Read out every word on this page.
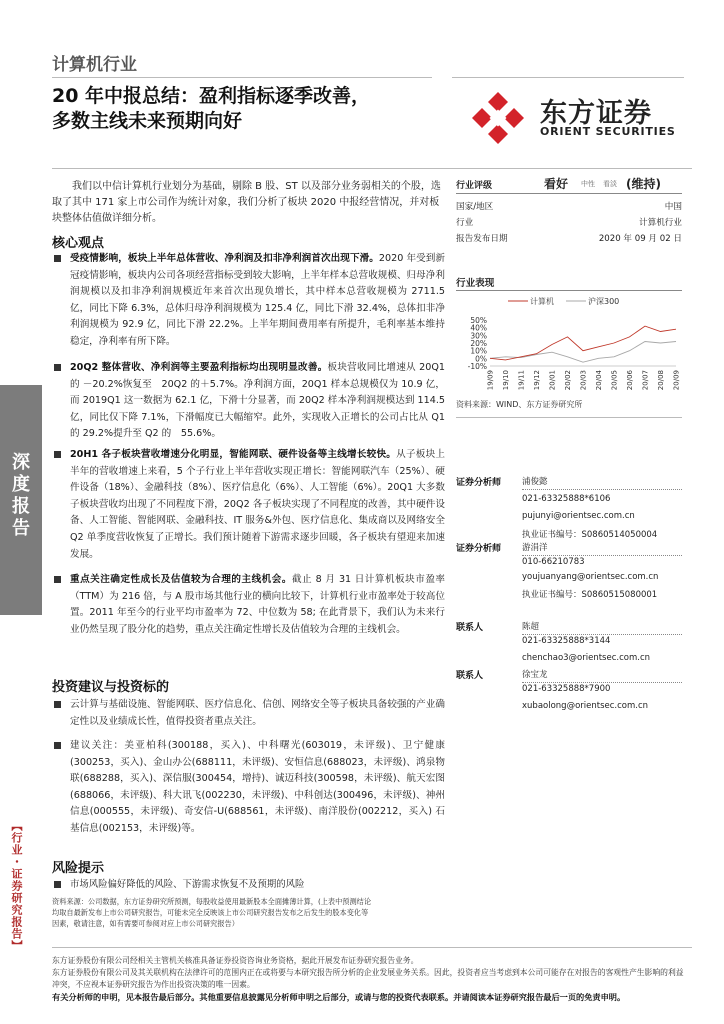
计算机行业
20 年中报总结：盈利指标逐季改善，
多数主线未来预期向好	东方证券
ORIENT SECURITIES

我们以中信计算机行业划分为基础，剔除 B 股、ST 以及部分业务弱相关的个股，选取了其中 171 家上市公司作为统计对象，我们分析了板块 2020 中报经营情况，并对板块整体估值做详细分析。

核心观点
受疫情影响，板块上半年总体营收、净利润及扣非净利润首次出现下滑。2020 年受到新冠疫情影响，板块内公司各项经营指标受到较大影响，上半年样本总营收规模、归母净利润规模以及扣非净利润规模近年来首次出现负增长，其中样本总营收规模为 2711.5 亿，同比下降 6.3%，总体归母净利润规模为 125.4 亿，同比下滑 32.4%，总体扣非净利润规模为 92.9 亿，同比下滑 22.2%。上半年期间费用率有所提升，毛利率基本维持稳定，净利率有所下降。
20Q2 整体营收、净利润等主要盈利指标均出现明显改善。板块营收同比增速从 20Q1 的 －20.2%恢复至　20Q2 的＋5.7%。净利润方面，20Q1 样本总规模仅为 10.9 亿，而 2019Q1 这一数据为 62.1 亿，下滑十分显著，而 20Q2 样本净利润规模达到 114.5 亿，同比仅下降 7.1%，下滑幅度已大幅缩窄。此外，实现收入正增长的公司占比从 Q1 的 29.2%提升至 Q2 的　55.6%。
20H1 各子板块营收增速分化明显，智能网联、硬件设备等主线增长较快。从子板块上半年的营收增速上来看，5 个子行业上半年营收实现正增长：智能网联汽车（25%）、硬件设备（18%）、金融科技（8%）、医疗信息化（6%）、人工智能（6%）。20Q1 大多数子板块营收均出现了不同程度下滑，20Q2 各子板块实现了不同程度的改善，其中硬件设备、人工智能、智能网联、金融科技、IT 服务&外包、医疗信息化、集成商以及网络安全 Q2 单季度营收恢复了正增长。我们预计随着下游需求逐步回暖，各子板块有望迎来加速发展。
重点关注确定性成长及估值较为合理的主线机会。截止 8 月 31 日计算机板块市盈率（TTM）为 216 倍，与 A 股市场其他行业的横向比较下，计算机行业市盈率处于较高位置。2011 年至今的行业平均市盈率为 72、中位数为 58; 在此背景下，我们认为未来行业仍然呈现了股分化的趋势，重点关注确定性增长及估值较为合理的主线机会。
投资建议与投资标的
云计算与基础设施、智能网联、医疗信息化、信创、网络安全等子板块具备较强的产业确定性以及业绩成长性，值得投资者重点关注。
建议关注：美亚柏科(300188，买入)、中科曙光(603019，未评级)、卫宁健康(300253，买入)、金山办公(688111，未评级)、安恒信息(688023，未评级)、鸿泉物联(688288，买入)、深信服(300454，增持)、诚迈科技(300598，未评级)、航天宏图(688066，未评级)、科大讯飞(002230，未评级)、中科创达(300496，未评级)、神州信息(000555，未评级)、奇安信-U(688561，未评级)、南洋股份(002212，买入) 石基信息(002153，未评级)等。
风险提示
市场风险偏好降低的风险、下游需求恢复不及预期的风险
资料来源：公司数据，东方证券研究所预测，每股收益使用最新股本全面摊薄计算，(上表中预测结论均取自最新发布上市公司研究报告，可能未完全反映该上市公司研究报告发布之后发生的股本变化等因素，敬请注意，如有需要可参阅对应上市公司研究报告）
深度报告
【行业・证券研究报告】
行业评级	看好 中性 看淡 (维持)
国家/地区	中国
行业	计算机行业
报告发布日期	2020 年 09 月 02 日
行业表现
计算机	沪深300
50%
40%
30%
20%
10%
0%
-10%
19/09 19/10 19/11 19/12 20/01 20/02 20/03 20/04 20/05 20/06 20/07 20/08 20/09
资料来源：WIND、东方证券研究所
证券分析师 浦俊懿
021-63325888*6106
pujunyi@orientsec.com.cn
执业证书编号：S0860514050004
证券分析师 游涓洋
010-66210783
youjuanyang@orientsec.com.cn
执业证书编号：S0860515080001
联系人	陈超
021-63325888*3144
chenchao3@orientsec.com.cn
联系人	徐宝龙
021-63325888*7900
xubaolong@orientsec.com.cn
东方证券股份有限公司经相关主管机关核准具备证券投资咨询业务资格，据此开展发布证券研究报告业务。
东方证券股份有限公司及其关联机构在法律许可的范围内正在或将要与本研究报告所分析的企业发展业务关系。因此，投资者应当考虑到本公司可能存在对报告的客观性产生影响的利益冲突，不应视本证券研究报告为作出投资决策的唯一因素。
有关分析师的申明，见本报告最后部分。其他重要信息披露见分析师申明之后部分，或请与您的投资代表联系。并请阅读本证券研究报告最后一页的免责申明。
